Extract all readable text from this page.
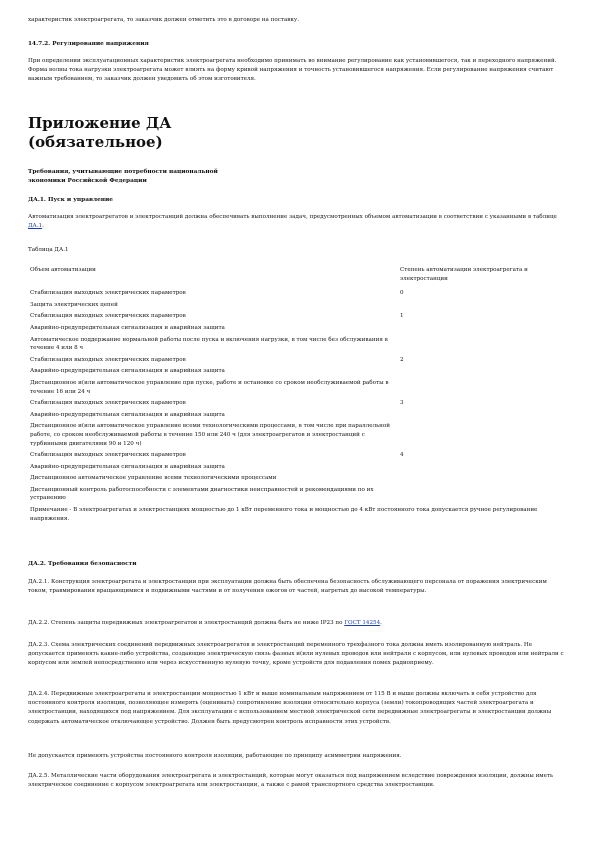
характеристик электроагрегата, то заказчик должен отметить это в договоре на поставку.

14.7.2. Регулирование напряжения

При определении эксплуатационных характеристик электроагрегата необходимо принимать во внимание регулирование как установившегося, так и переходного напряжений. Форма волны тока нагрузки электроагрегата может влиять на форму кривой напряжения и точность установившегося напряжения. Если регулирование напряжения считают важным требованием, то заказчик должен уведомить об этом изготовителя.

Приложение ДА
(обязательное)

Требования, учитывающие потребности национальной экономики Российской Федерации

ДА.1. Пуск и управление

Автоматизация электроагрегатов и электростанций должна обеспечивать выполнение задач, предусмотренных объемом автоматизации в соответствии с указанными в таблице ДА.1.

Таблица ДА.1

Объем автоматизации	Степень автоматизации электроагрегата и электростанции
Стабилизация выходных электрических параметров	0
Защита электрических цепей	
Стабилизация выходных электрических параметров	1
Аварийно-предупредительная сигнализация и аварийная защита	
Автоматическое поддержание нормальной работы после пуска и включения нагрузки, в том числе без обслуживания в течение 4 или 8 ч	
Стабилизация выходных электрических параметров	2
Аварийно-предупредительная сигнализация и аварийная защита	
Дистанционное и(или автоматическое управление при пуске, работе и остановке со сроком необслуживаемой работы в течение 16 или 24 ч	
Стабилизация выходных электрических параметров	3
Аварийно-предупредительная сигнализация и аварийная защита	
Дистанционное и(или автоматическое управление всеми технологическими процессами, в том числе при параллельной работе, со сроком необслуживаемой работы в течение 150 или 240 ч (для электроагрегатов и электростанций с турбинными двигателями 90 и 120 ч)	
Стабилизация выходных электрических параметров	4
Аварийно-предупредительная сигнализация и аварийная защита	
Дистанционное автоматическое управление всеми технологическими процессами	
Дистанционный контроль работоспособности с элементами диагностики неисправностей и рекомендациями по их устранению	
Примечание - В электроагрегатах и электростанциях мощностью до 1 кВт переменного тока и мощностью до 4 кВт постоянного тока допускается ручное регулирование напряжения.	

ДА.2. Требования безопасности

ДА.2.1. Конструкция электроагрегата и электростанции при эксплуатации должна быть обеспечена безопасность обслуживающего персонала от поражения электрическим током, травмирования вращающимися и подвижными частями и от получения ожогов от частей, нагретых до высокой температуры.

ДА.2.2. Степень защиты передвижных электроагрегатов и электростанций должна быть не ниже IP23 по ГОСТ 14254.

ДА.2.3. Схема электрических соединений передвижных электроагрегатов и электростанций переменного трехфазного тока должна иметь изолированную нейтраль. Не допускается применять какие-либо устройства, создающие электрическую связь фазных и(или нулевых проводов или нейтрали с корпусом, или нулевых проводов или нейтрали с корпусом или землей непосредственно или через искусственную нулевую точку, кроме устройств для подавления помех радиоприему.

ДА.2.4. Передвижные электроагрегаты и электростанции мощностью 1 кВт и выше номинальным напряжением от 115 В и выше должны включать в себя устройство для постоянного контроля изоляции, позволяющее измерять (оценивать) сопротивление изоляции относительно корпуса (земли) токопроводящих частей электроагрегата и электростанции, находящихся под напряжением. Для эксплуатации с использованием местной электрической сети передвижные электроагрегаты и электростанции должны содержать автоматическое отключающее устройство. Должен быть предусмотрен контроль исправности этих устройств.

Не допускается применять устройства постоянного контроля изоляции, работающие по принципу асимметрии напряжения.

ДА.2.5. Металлические части оборудования электроагрегата и электростанций, которые могут оказаться под напряжением вследствие повреждения изоляции, должны иметь электрическое соединение с корпусом электроагрегата или электростанции, а также с рамой транспортного средства электростанции.
